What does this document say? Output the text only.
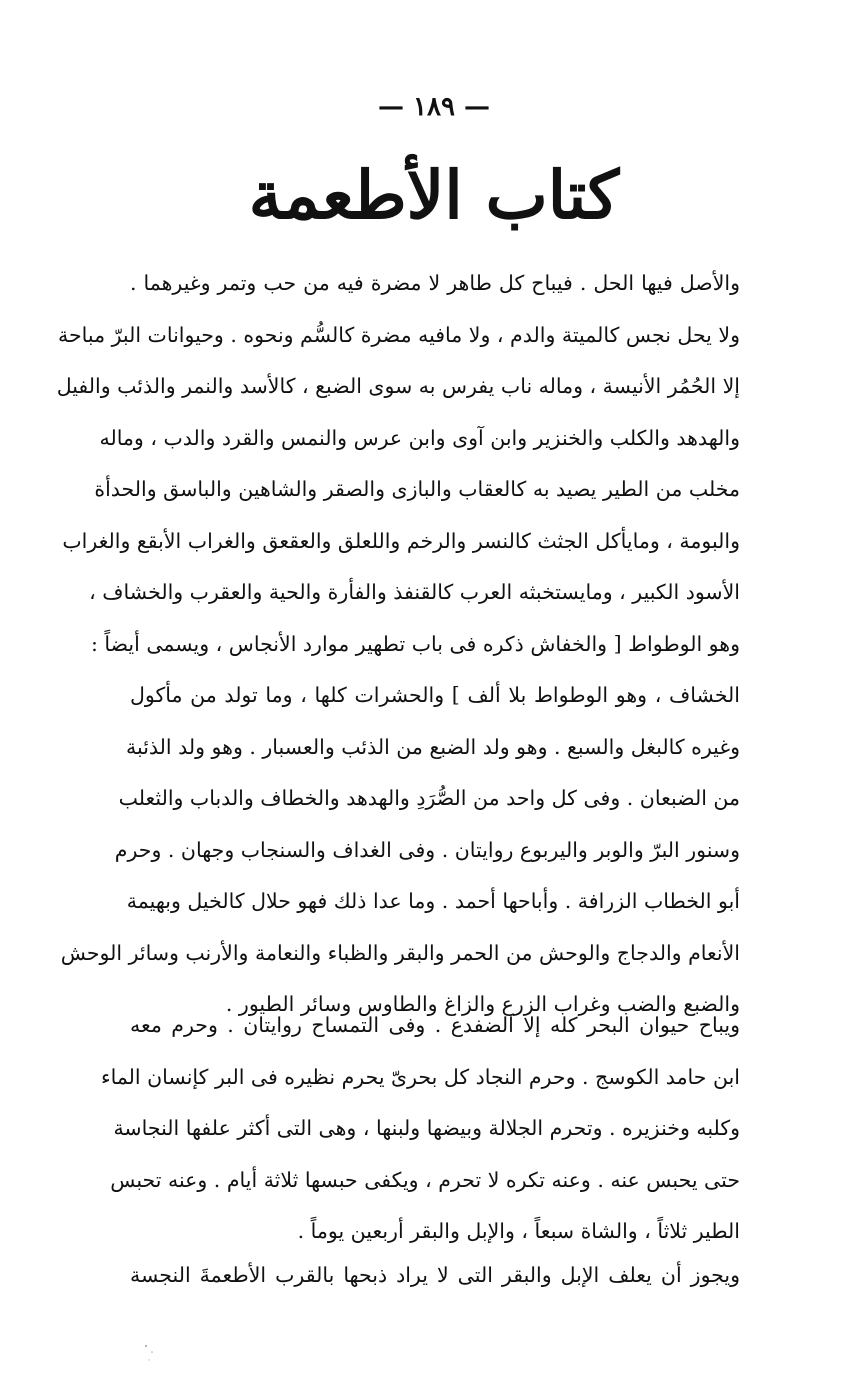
— ١٨٩ —
كتاب الأطعمة
والأصل فيها الحل . فيباح كل طاهر لا مضرة فيه من حب وتمر وغيرهما .
ولا يحل نجس كالميتة والدم ، ولا مافيه مضرة كالسُّم ونحوه . وحيوانات البرّ مباحة
إلا الحُمُر الأنيسة ، وماله ناب يفرس به سوى الضبع ، كالأسد والنمر والذئب والفيل
والهدهد والكلب والخنزير وابن آوى وابن عرس والنمس والقرد والدب ، وماله
مخلب من الطير يصيد به كالعقاب والبازى والصقر والشاهين والباسق والحدأة
والبومة ، ومايأكل الجثث كالنسر والرخم واللعلق والعقعق والغراب الأبقع والغراب
الأسود الكبير ، ومايستخبثه العرب كالقنفذ والفأرة والحية والعقرب والخشاف ،
وهو الوطواط [ والخفاش ذكره فى باب تطهير موارد الأنجاس ، ويسمى أيضاً :
الخشاف ، وهو الوطواط بلا ألف ] والحشرات كلها ، وما تولد من مأكول
وغيره كالبغل والسبع . وهو ولد الضبع من الذئب والعسبار . وهو ولد الذئبة
من الضبعان . وفى كل واحد من الصُّرَدِ والهدهد والخطاف والدباب والثعلب
وسنور البرّ والوبر واليربوع روايتان . وفى الغداف والسنجاب وجهان . وحرم
أبو الخطاب الزرافة . وأباحها أحمد . وما عدا ذلك فهو حلال كالخيل وبهيمة
الأنعام والدجاج والوحش من الحمر والبقر والظباء والنعامة والأرنب وسائر الوحش
والضبع والضب وغراب الزرع والزاغ والطاوس وسائر الطيور .
ويباح حيوان البحر كله إلا الضفدع . وفى التمساح روايتان . وحرم معه
ابن حامد الكوسج . وحرم النجاد كل بحرىّ يحرم نظيره فى البر كإنسان الماء
وكلبه وخنزيره . وتحرم الجلالة وبيضها ولبنها ، وهى التى أكثر علفها النجاسة
حتى يحبس عنه . وعنه تكره لا تحرم ، ويكفى حبسها ثلاثة أيام . وعنه تحبس
الطير ثلاثاً ، والشاة سبعاً ، والإبل والبقر أربعين يوماً .
ويجوز أن يعلف الإبل والبقر التى لا يراد ذبحها بالقرب الأطعمةَ النجسة
